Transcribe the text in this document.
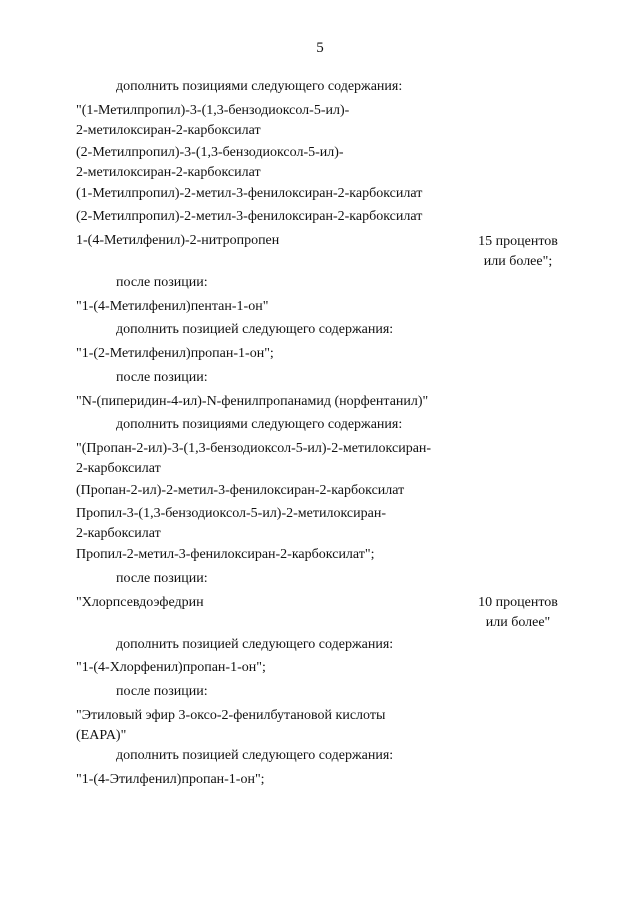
5
дополнить позициями следующего содержания:
"(1-Метилпропил)-3-(1,3-бензодиоксол-5-ил)-
2-метилоксиран-2-карбоксилат
(2-Метилпропил)-3-(1,3-бензодиоксол-5-ил)-
2-метилоксиран-2-карбоксилат
(1-Метилпропил)-2-метил-3-фенилоксиран-2-карбоксилат
(2-Метилпропил)-2-метил-3-фенилоксиран-2-карбоксилат
1-(4-Метилфенил)-2-нитропропен	15 процентов
или более";
после позиции:
"1-(4-Метилфенил)пентан-1-он"
дополнить позицией следующего содержания:
"1-(2-Метилфенил)пропан-1-он";
после позиции:
"N-(пиперидин-4-ил)-N-фенилпропанамид (норфентанил)"
дополнить позициями следующего содержания:
"(Пропан-2-ил)-3-(1,3-бензодиоксол-5-ил)-2-метилоксиран-
2-карбоксилат
(Пропан-2-ил)-2-метил-3-фенилоксиран-2-карбоксилат
Пропил-3-(1,3-бензодиоксол-5-ил)-2-метилоксиран-
2-карбоксилат
Пропил-2-метил-3-фенилоксиран-2-карбоксилат";
после позиции:
"Хлорпсевдоэфедрин	10 процентов
или более"
дополнить позицией следующего содержания:
"1-(4-Хлорфенил)пропан-1-он";
после позиции:
"Этиловый эфир 3-оксо-2-фенилбутановой кислоты
(EAPA)"
дополнить позицией следующего содержания:
"1-(4-Этилфенил)пропан-1-он";
